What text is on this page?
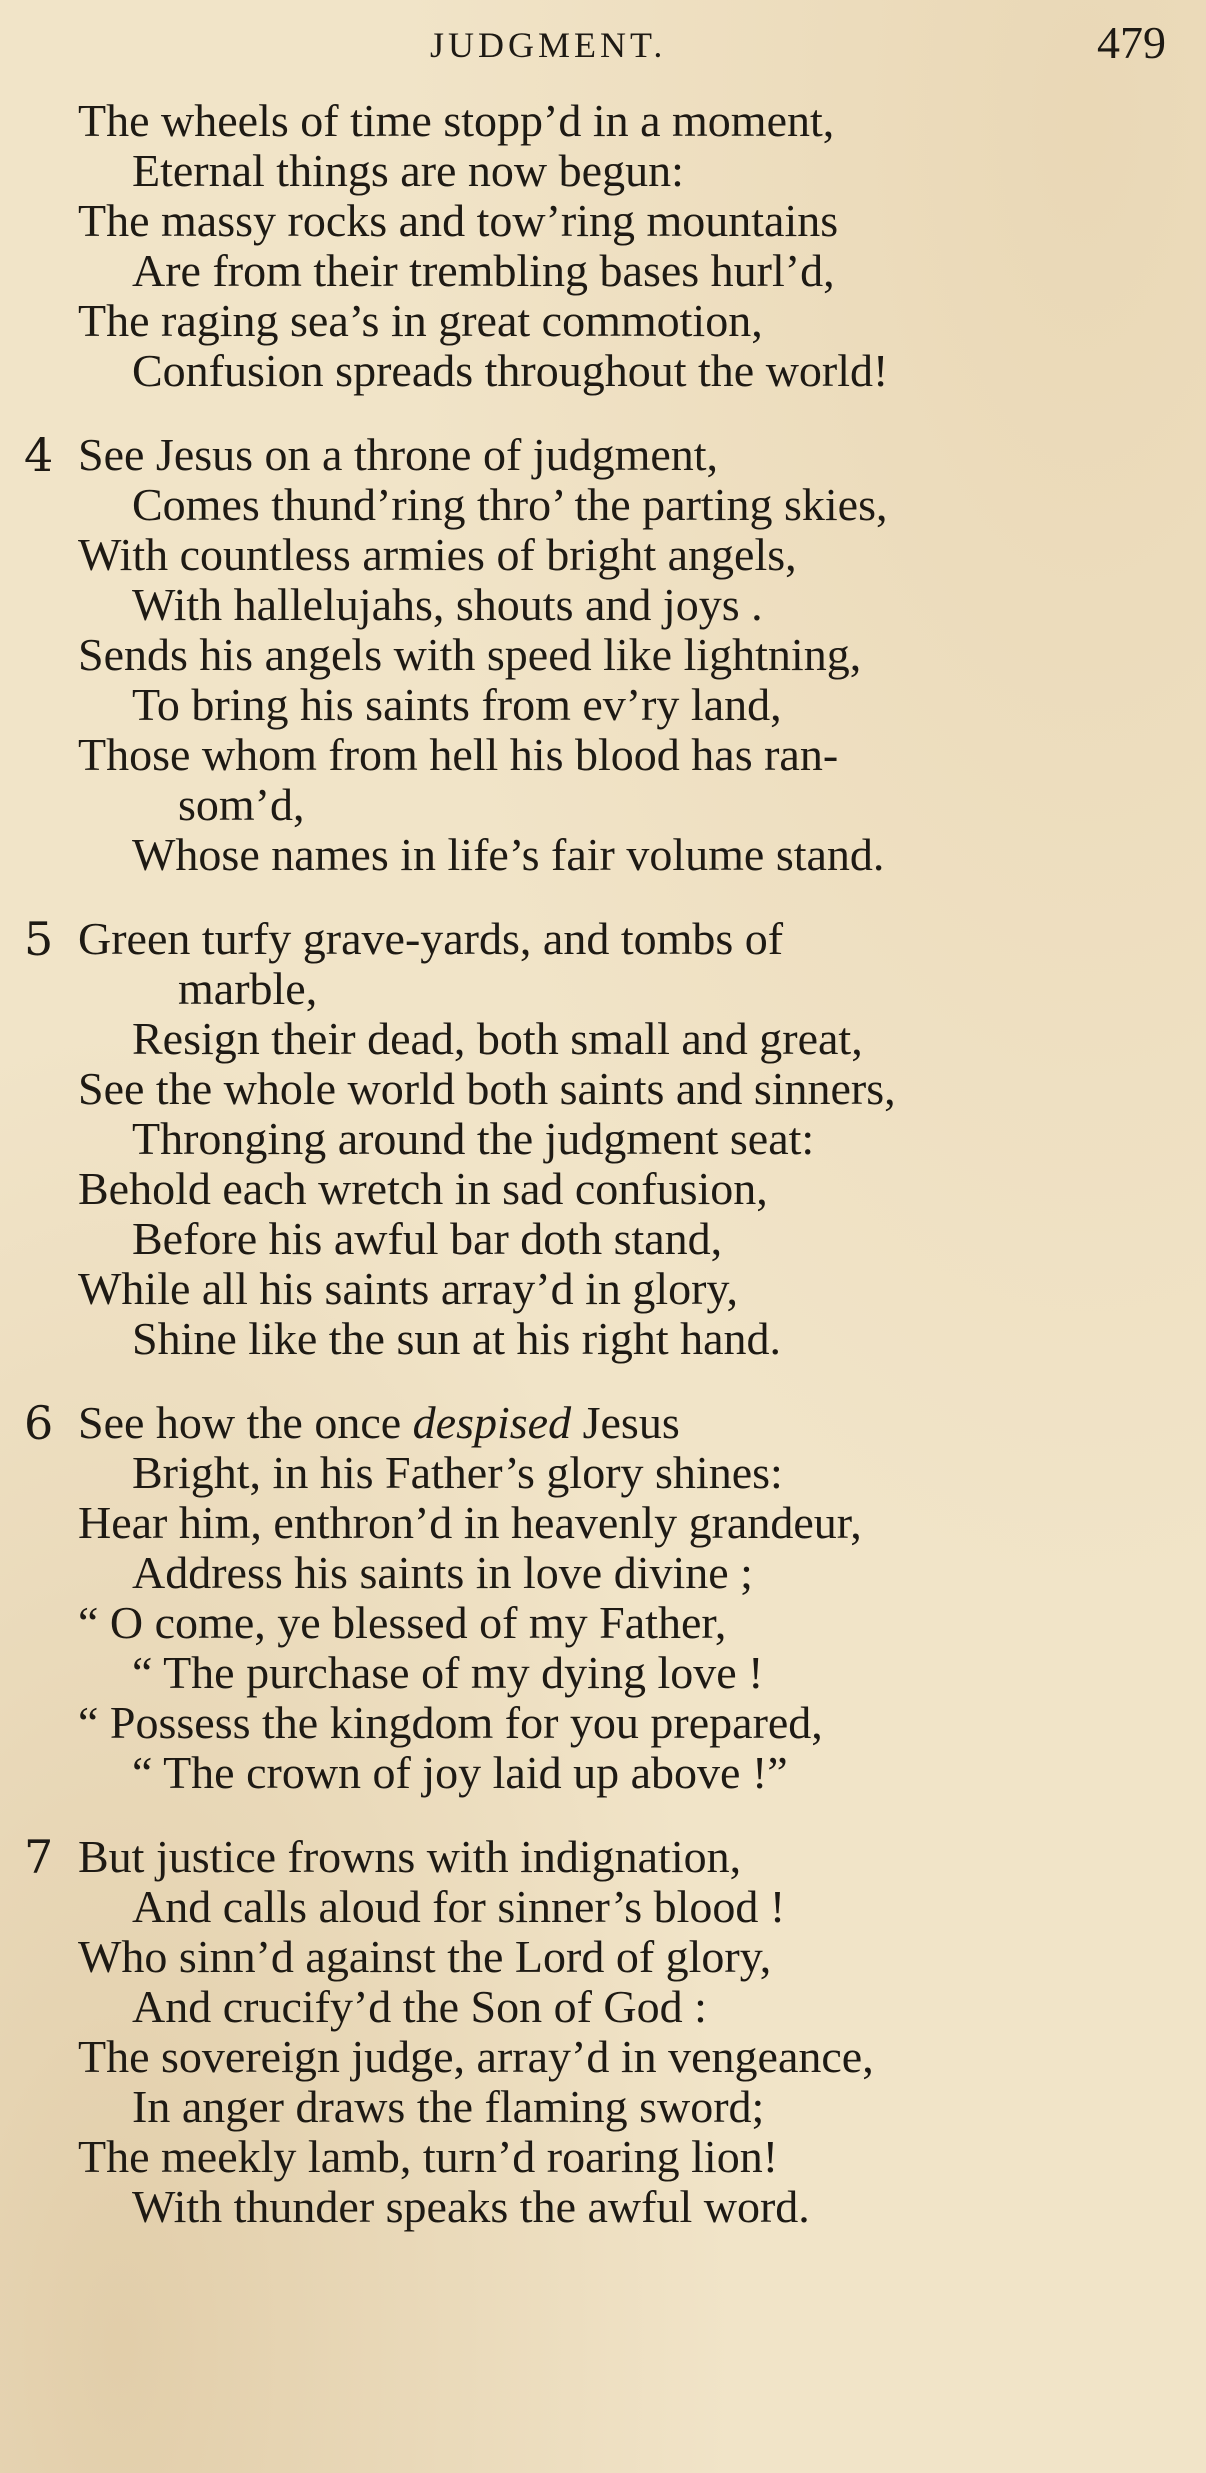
JUDGMENT.	479
The wheels of time stopp’d in a moment,
Eternal things are now begun:
The massy rocks and tow’ring mountains
Are from their trembling bases hurl’d,
The raging sea’s in great commotion,
Confusion spreads throughout the world!
4 See Jesus on a throne of judgment,
Comes thund’ring thro’ the parting skies,
With countless armies of bright angels,
With hallelujahs, shouts and joys .
Sends his angels with speed like lightning,
To bring his saints from ev’ry land,
Those whom from hell his blood has ran-
som’d,
Whose names in life’s fair volume stand.
5 Green turfy grave-yards, and tombs of
marble,
Resign their dead, both small and great,
See the whole world both saints and sinners,
Thronging around the judgment seat:
Behold each wretch in sad confusion,
Before his awful bar doth stand,
While all his saints array’d in glory,
Shine like the sun at his right hand.
6 See how the once despised Jesus
Bright, in his Father’s glory shines:
Hear him, enthron’d in heavenly grandeur,
Address his saints in love divine ;
“ O come, ye blessed of my Father,
“ The purchase of my dying love !
“ Possess the kingdom for you prepared,
“ The crown of joy laid up above !”
7 But justice frowns with indignation,
And calls aloud for sinner’s blood !
Who sinn’d against the Lord of glory,
And crucify’d the Son of God :
The sovereign judge, array’d in vengeance,
In anger draws the flaming sword;
The meekly lamb, turn’d roaring lion!
With thunder speaks the awful word.
